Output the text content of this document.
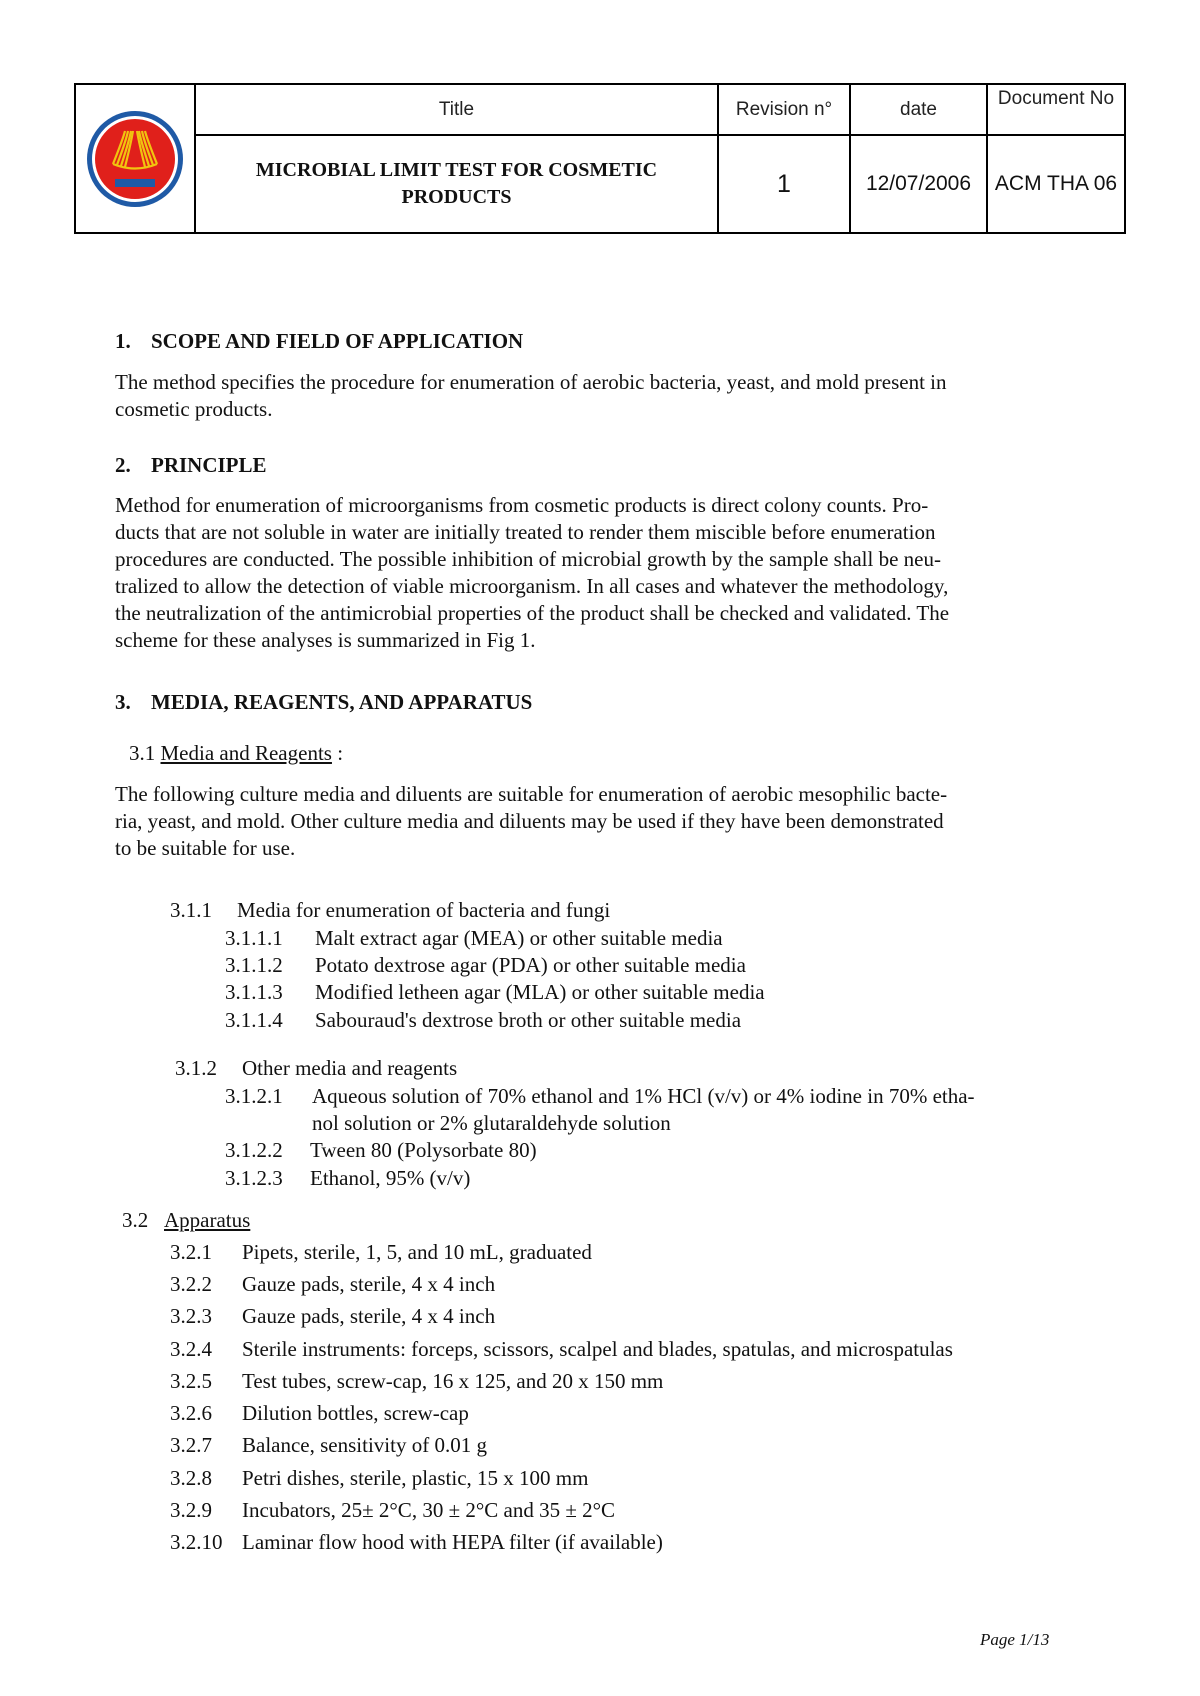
Title	Revision n°	date	Document No
MICROBIAL LIMIT TEST FOR COSMETIC
PRODUCTS	1	12/07/2006	ACM THA 06
1. SCOPE AND FIELD OF APPLICATION
The method specifies the procedure for enumeration of aerobic bacteria, yeast, and mold present in
cosmetic products.
2. PRINCIPLE
Method for enumeration of microorganisms from cosmetic products is direct colony counts. Pro-
ducts that are not soluble in water are initially treated to render them miscible before enumeration
procedures are conducted. The possible inhibition of microbial growth by the sample shall be neu-
tralized to allow the detection of viable microorganism. In all cases and whatever the methodology,
the neutralization of the antimicrobial properties of the product shall be checked and validated. The
scheme for these analyses is summarized in Fig 1.
3. MEDIA, REAGENTS, AND APPARATUS
3.1 Media and Reagents :
The following culture media and diluents are suitable for enumeration of aerobic mesophilic bacte-
ria, yeast, and mold. Other culture media and diluents may be used if they have been demonstrated
to be suitable for use.
3.1.1 Media for enumeration of bacteria and fungi
3.1.1.1 Malt extract agar (MEA) or other suitable media
3.1.1.2 Potato dextrose agar (PDA) or other suitable media
3.1.1.3 Modified letheen agar (MLA) or other suitable media
3.1.1.4 Sabouraud's dextrose broth or other suitable media
3.1.2 Other media and reagents
3.1.2.1 Aqueous solution of 70% ethanol and 1% HCl (v/v) or 4% iodine in 70% etha-
nol solution or 2% glutaraldehyde solution
3.1.2.2 Tween 80 (Polysorbate 80)
3.1.2.3 Ethanol, 95% (v/v)
3.2 Apparatus
3.2.1 Pipets, sterile, 1, 5, and 10 mL, graduated
3.2.2 Gauze pads, sterile, 4 x 4 inch
3.2.3 Gauze pads, sterile, 4 x 4 inch
3.2.4 Sterile instruments: forceps, scissors, scalpel and blades, spatulas, and microspatulas
3.2.5 Test tubes, screw-cap, 16 x 125, and 20 x 150 mm
3.2.6 Dilution bottles, screw-cap
3.2.7 Balance, sensitivity of 0.01 g
3.2.8 Petri dishes, sterile, plastic, 15 x 100 mm
3.2.9 Incubators, 25± 2°C, 30 ± 2°C and 35 ± 2°C
3.2.10 Laminar flow hood with HEPA filter (if available)
Page 1/13
